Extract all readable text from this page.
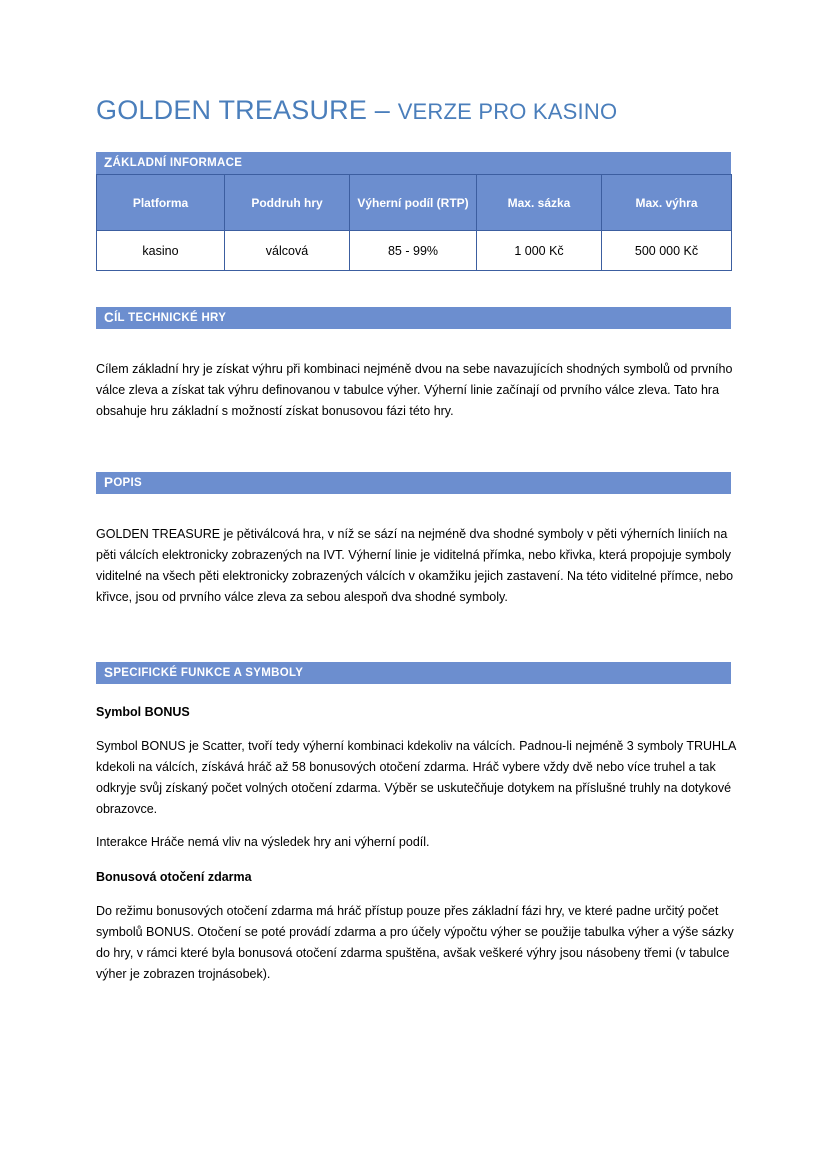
GOLDEN TREASURE – VERZE PRO KASINO
Z ÁKLADNÍ INFORMACE
Platforma	Poddruh hry	Výherní podíl (RTP)	Max. sázka	Max. výhra
kasino	válcová	85 - 99%	1 000 Kč	500 000 Kč
C ÍL TECHNICKÉ HRY

Cílem základní hry je získat výhru při kombinaci nejméně dvou na sebe navazujících shodných symbolů od prvního válce zleva a získat tak výhru definovanou v tabulce výher. Výherní linie začínají od prvního válce zleva. Tato hra obsahuje hru základní s možností získat bonusovou fázi této hry.

P OPIS

GOLDEN TREASURE je pětiválcová hra, v níž se sází na nejméně dva shodné symboly v pěti výherních liniích na pěti válcích elektronicky zobrazených na IVT. Výherní linie je viditelná přímka, nebo křivka, která propojuje symboly viditelné na všech pěti elektronicky zobrazených válcích v okamžiku jejich zastavení. Na této viditelné přímce, nebo křivce, jsou od prvního válce zleva za sebou alespoň dva shodné symboly.

S PECIFICKÉ FUNKCE A SYMBOLY

Symbol BONUS

Symbol BONUS je Scatter, tvoří tedy výherní kombinaci kdekoliv na válcích. Padnou-li nejméně 3 symboly TRUHLA kdekoli na válcích, získává hráč až 58 bonusových otočení zdarma. Hráč vybere vždy dvě nebo více truhel a tak odkryje svůj získaný počet volných otočení zdarma. Výběr se uskutečňuje dotykem na příslušné truhly na dotykové obrazovce.

Interakce Hráče nemá vliv na výsledek hry ani výherní podíl.

Bonusová otočení zdarma

Do režimu bonusových otočení zdarma má hráč přístup pouze přes základní fázi hry, ve které padne určitý počet symbolů BONUS. Otočení se poté provádí zdarma a pro účely výpočtu výher se použije tabulka výher a výše sázky do hry, v rámci které byla bonusová otočení zdarma spuštěna, avšak veškeré výhry jsou násobeny třemi (v tabulce výher je zobrazen trojnásobek).
